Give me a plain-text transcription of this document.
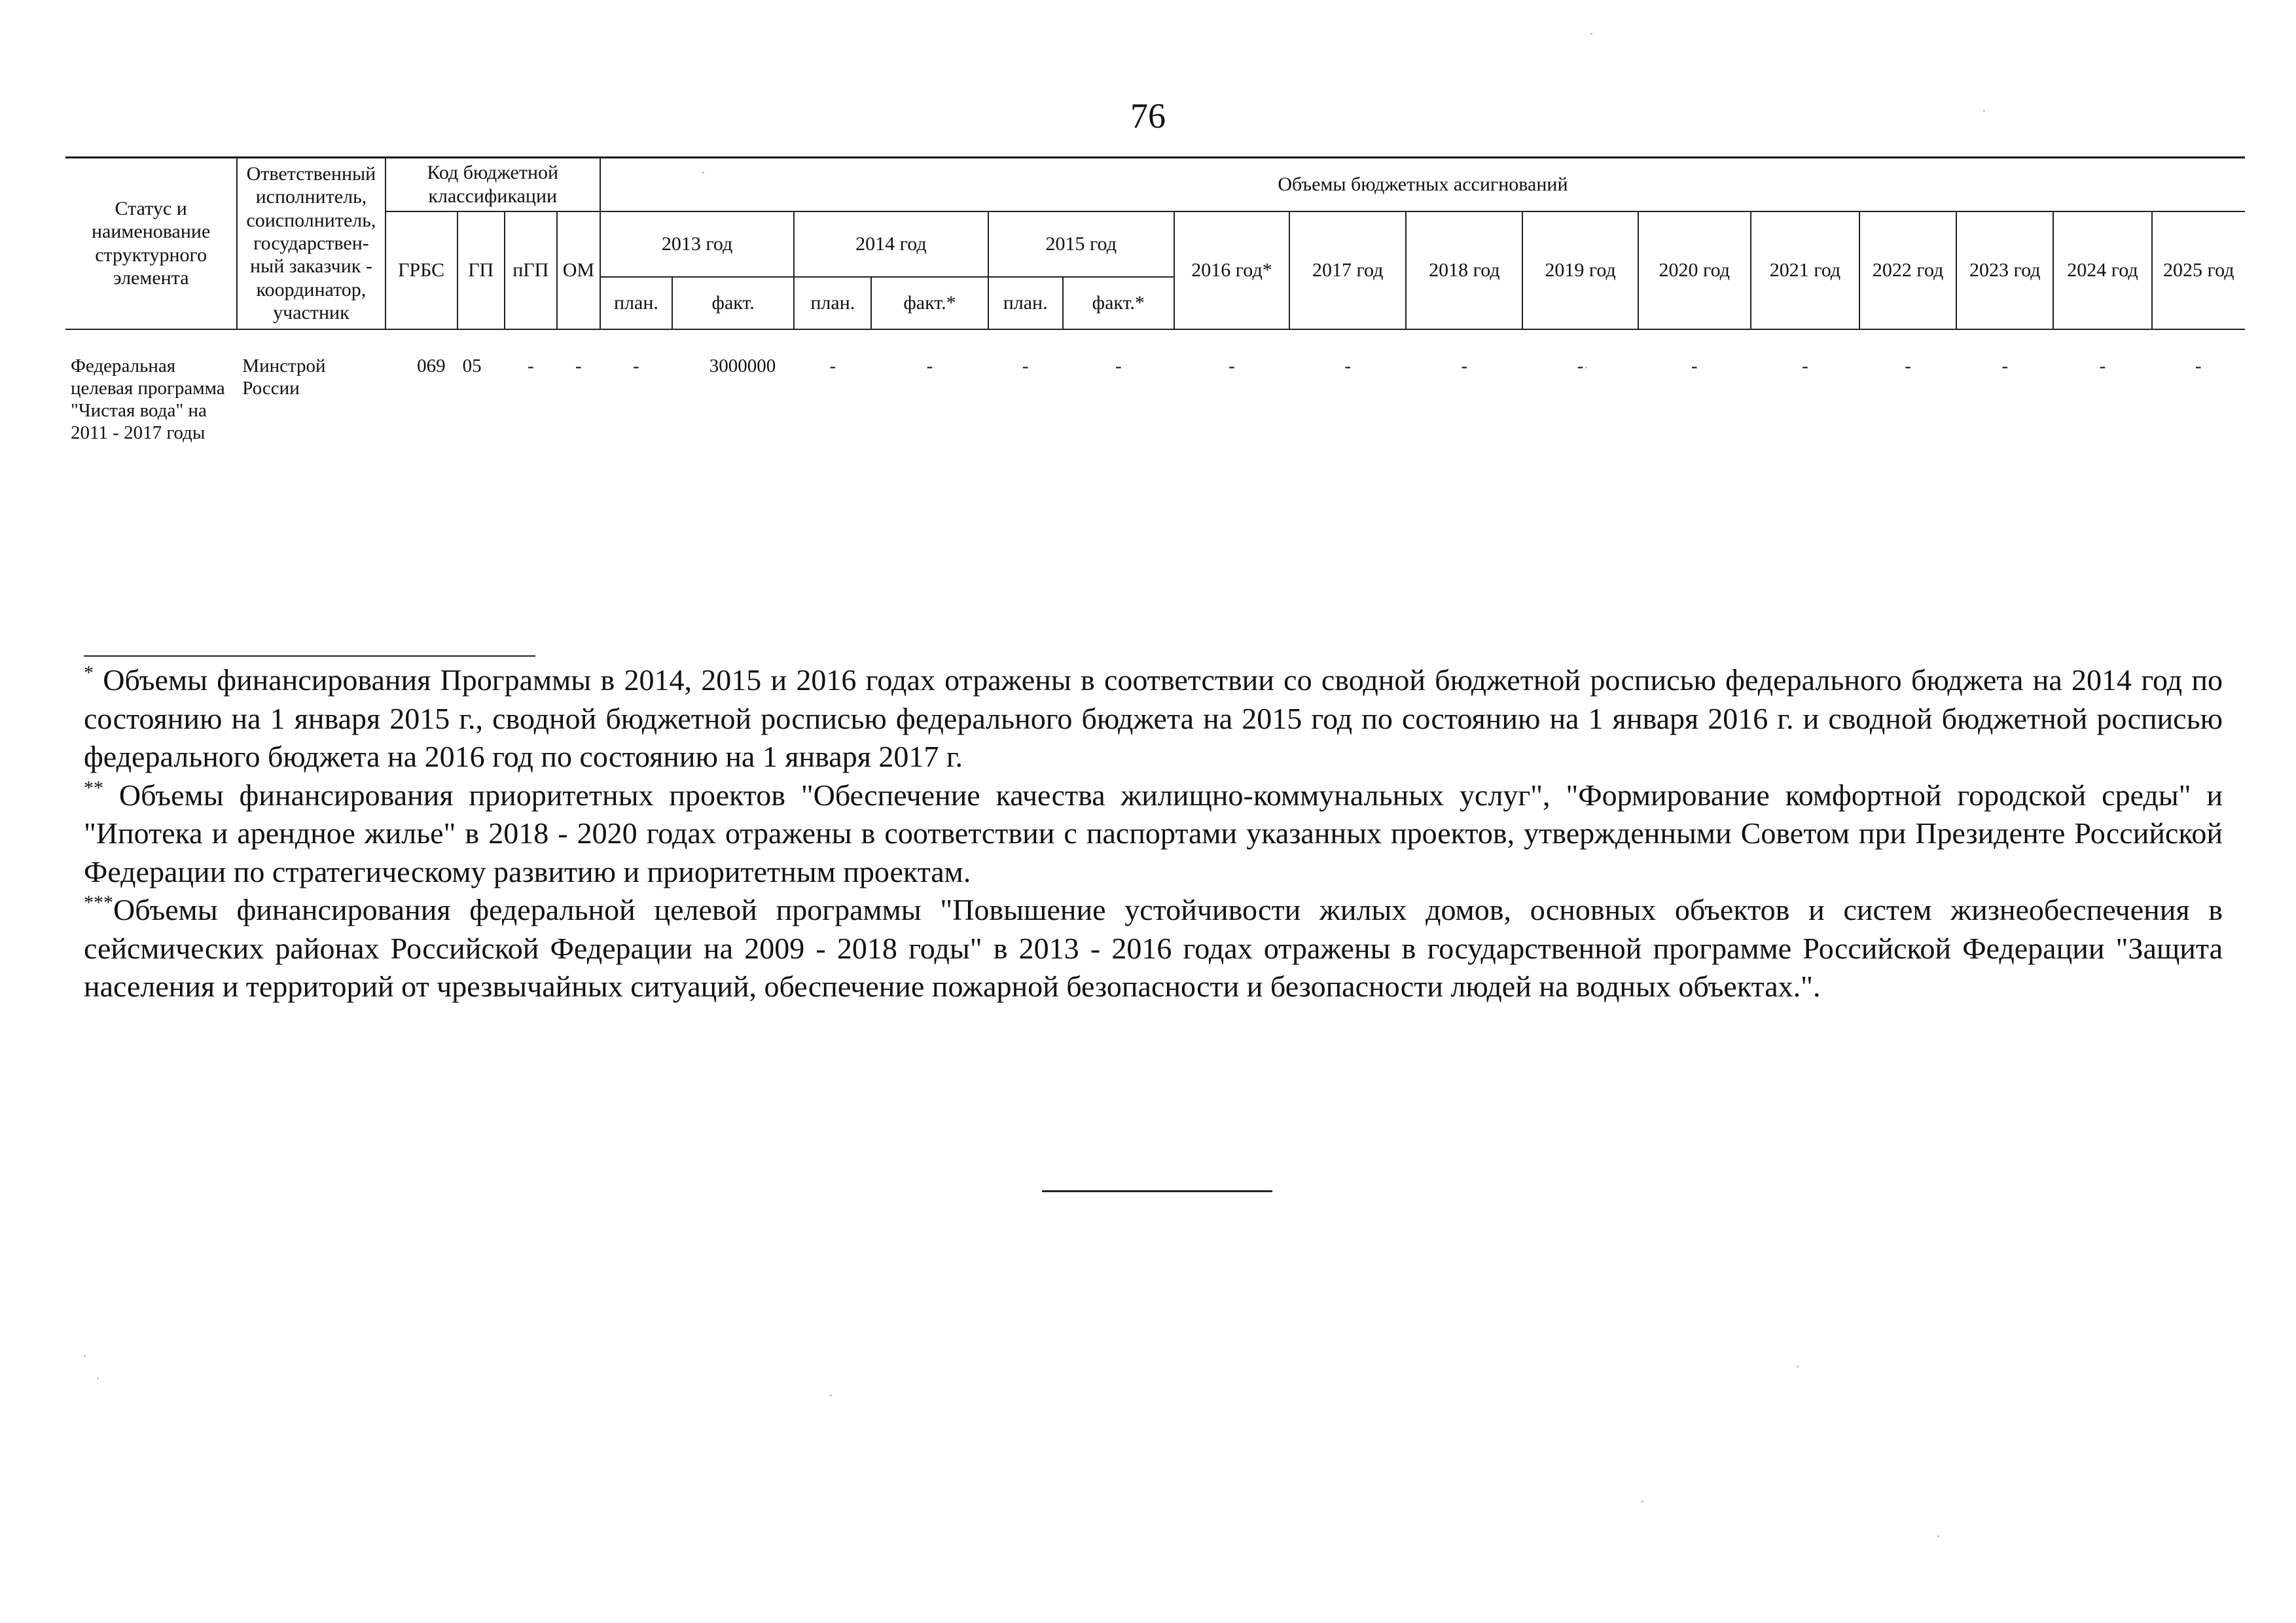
76
Статус и наименование структурного элемента	Ответственный исполнитель, соисполнитель, государствен-ный заказчик - координатор, участник	Код бюджетной классификации				Объемы бюджетных ассигнований															
		ГРБС	ГП	пГП	ОМ	2013 год		2014 год		2015 год		2016 год*	2017 год	2018 год	2019 год	2020 год	2021 год	2022 год	2023 год	2024 год	2025 год
						план.	факт.	план.	факт.*	план.	факт.*										
Федеральная целевая программа "Чистая вода" на 2011 - 2017 годы	Минстрой России	069	05	-	-	-	3000000	-	-	-	-	-	-	-	-	-	-	-	-	-	-

* Объемы финансирования Программы в 2014, 2015 и 2016 годах отражены в соответствии со сводной бюджетной росписью федерального бюджета на 2014 год по состоянию на 1 января 2015 г., сводной бюджетной росписью федерального бюджета на 2015 год по состоянию на 1 января 2016 г. и сводной бюджетной росписью федерального бюджета на 2016 год по состоянию на 1 января 2017 г.

** Объемы финансирования приоритетных проектов "Обеспечение качества жилищно-коммунальных услуг", "Формирование комфортной городской среды" и "Ипотека и арендное жилье" в 2018 - 2020 годах отражены в соответствии с паспортами указанных проектов, утвержденными Советом при Президенте Российской Федерации по стратегическому развитию и приоритетным проектам.

***Объемы финансирования федеральной целевой программы "Повышение устойчивости жилых домов, основных объектов и систем жизнеобеспечения в сейсмических районах Российской Федерации на 2009 - 2018 годы" в 2013 - 2016 годах отражены в государственной программе Российской Федерации "Защита населения и территорий от чрезвычайных ситуаций, обеспечение пожарной безопасности и безопасности людей на водных объектах.".
